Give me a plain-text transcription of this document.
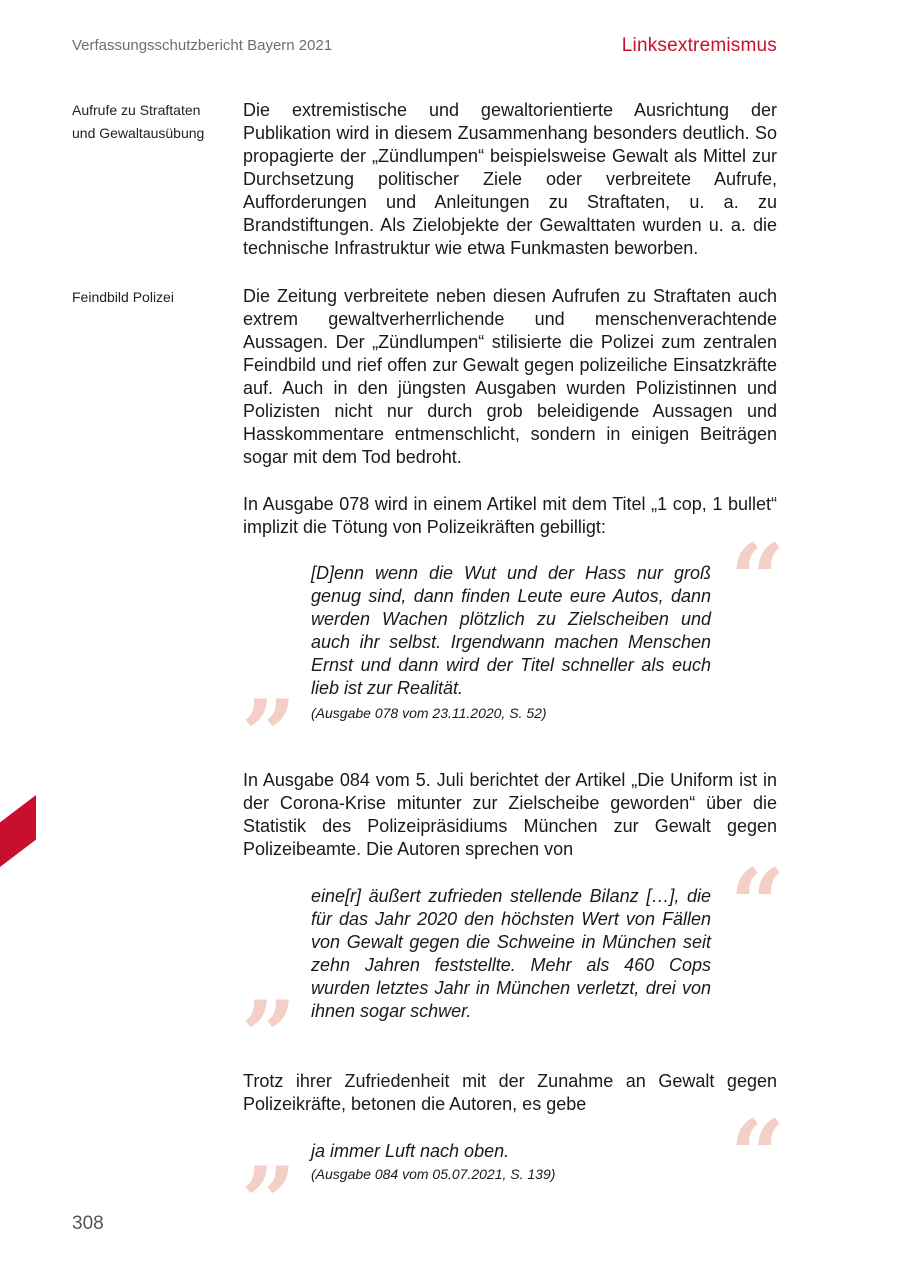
Verfassungsschutzbericht Bayern 2021	Linksextremismus
Aufrufe zu Straftaten und Gewaltausübung
Feindbild Polizei
Die extremistische und gewaltorientierte Ausrichtung der Publikation wird in diesem Zusammenhang besonders deutlich. So propagierte der „Zündlumpen“ beispielsweise Gewalt als Mittel zur Durchsetzung politischer Ziele oder verbreitete Aufrufe, Aufforderungen und Anleitungen zu Straftaten, u. a. zu Brandstiftungen. Als Zielobjekte der Gewalttaten wurden u. a. die technische Infrastruktur wie etwa Funkmasten beworben.
Die Zeitung verbreitete neben diesen Aufrufen zu Straftaten auch extrem gewaltverherrlichende und menschenverachtende Aussagen. Der „Zündlumpen“ stilisierte die Polizei zum zentralen Feindbild und rief offen zur Gewalt gegen polizeiliche Einsatzkräfte auf. Auch in den jüngsten Ausgaben wurden Polizistinnen und Polizisten nicht nur durch grob beleidigende Aussagen und Hasskommentare entmenschlicht, sondern in einigen Beiträgen sogar mit dem Tod bedroht.
In Ausgabe 078 wird in einem Artikel mit dem Titel „1 cop, 1 bullet“ implizit die Tötung von Polizeikräften gebilligt:	“
[D]enn wenn die Wut und der Hass nur groß genug sind, dann finden Leute eure Autos, dann werden Wachen plötzlich zu Zielscheiben und auch ihr selbst. Irgendwann machen Menschen Ernst und dann wird der Titel schneller als euch lieb ist zur Realität.
” (Ausgabe 078 vom 23.11.2020, S. 52)
In Ausgabe 084 vom 5. Juli berichtet der Artikel „Die Uniform ist in der Corona-Krise mitunter zur Zielscheibe geworden“ über die Statistik des Polizeipräsidiums München zur Gewalt gegen Polizeibeamte. Die Autoren sprechen von	“
eine[r] äußert zufrieden stellende Bilanz […], die für das Jahr 2020 den höchsten Wert von Fällen von Gewalt gegen die Schweine in München seit zehn Jahren feststellte. Mehr als 460 Cops wurden letztes Jahr in München verletzt, drei von ihnen sogar schwer.
”
Trotz ihrer Zufriedenheit mit der Zunahme an Gewalt gegen Polizeikräfte, betonen die Autoren, es gebe	“
ja immer Luft nach oben.
(Ausgabe 084 vom 05.07.2021, S. 139)
”
308
